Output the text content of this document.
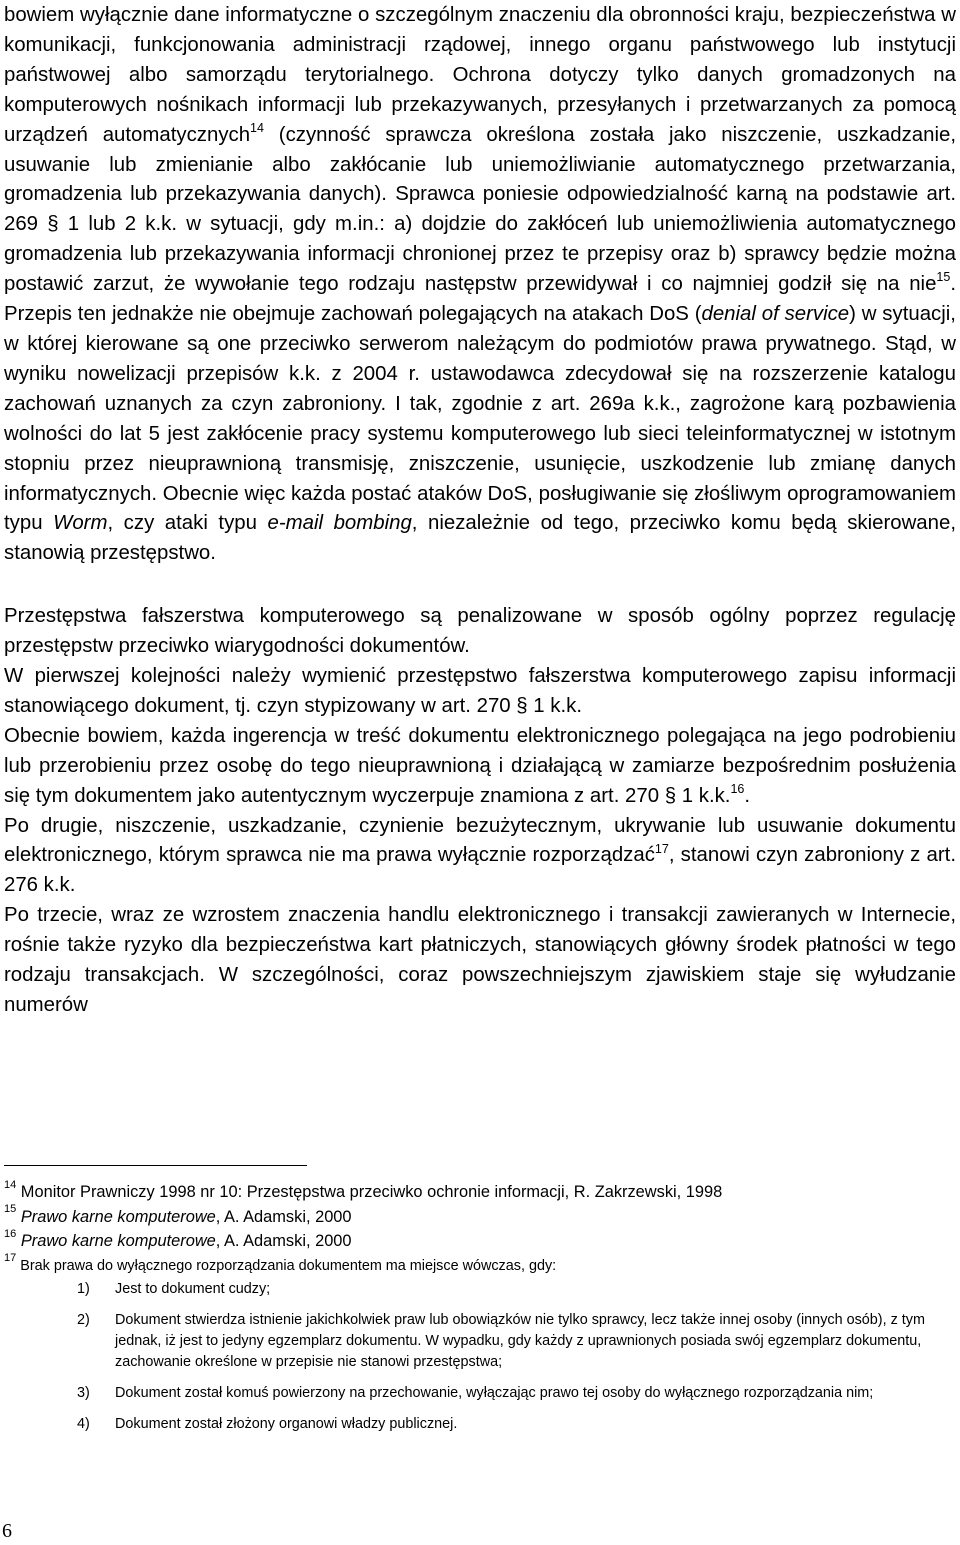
bowiem wyłącznie dane informatyczne o szczególnym znaczeniu dla obronności kraju, bezpieczeństwa w komunikacji, funkcjonowania administracji rządowej, innego organu państwowego lub instytucji państwowej albo samorządu terytorialnego. Ochrona dotyczy tylko danych gromadzonych na komputerowych nośnikach informacji lub przekazywanych, przesyłanych i przetwarzanych za pomocą urządzeń automatycznych$^{14}$ (czynność sprawcza określona została jako niszczenie, uszkadzanie, usuwanie lub zmienianie albo zakłócanie lub uniemożliwianie automatycznego przetwarzania, gromadzenia lub przekazywania danych). Sprawca poniesie odpowiedzialność karną na podstawie art. 269 § 1 lub 2 k.k. w sytuacji, gdy m.in.: a) dojdzie do zakłóceń lub uniemożliwienia automatycznego gromadzenia lub przekazywania informacji chronionej przez te przepisy oraz b) sprawcy będzie można postawić zarzut, że wywołanie tego rodzaju następstw przewidywał i co najmniej godził się na nie$^{15}$. Przepis ten jednakże nie obejmuje zachowań polegających na atakach DoS (denial of service) w sytuacji, w której kierowane są one przeciwko serwerom należącym do podmiotów prawa prywatnego. Stąd, w wyniku nowelizacji przepisów k.k. z 2004 r. ustawodawca zdecydował się na rozszerzenie katalogu zachowań uznanych za czyn zabroniony. I tak, zgodnie z art. 269a k.k., zagrożone karą pozbawienia wolności do lat 5 jest zakłócenie pracy systemu komputerowego lub sieci teleinformatycznej w istotnym stopniu przez nieuprawnioną transmisję, zniszczenie, usunięcie, uszkodzenie lub zmianę danych informatycznych. Obecnie więc każda postać ataków DoS, posługiwanie się złośliwym oprogramowaniem typu Worm, czy ataki typu e-mail bombing, niezależnie od tego, przeciwko komu będą skierowane, stanowią przestępstwo.

Przestępstwa fałszerstwa komputerowego są penalizowane w sposób ogólny poprzez regulację przestępstw przeciwko wiarygodności dokumentów.

W pierwszej kolejności należy wymienić przestępstwo fałszerstwa komputerowego zapisu informacji stanowiącego dokument, tj. czyn stypizowany w art. 270 § 1 k.k.

Obecnie bowiem, każda ingerencja w treść dokumentu elektronicznego polegająca na jego podrobieniu lub przerobieniu przez osobę do tego nieuprawnioną i działającą w zamiarze bezpośrednim posłużenia się tym dokumentem jako autentycznym wyczerpuje znamiona z art. 270 § 1 k.k.$^{16}$.

Po drugie, niszczenie, uszkadzanie, czynienie bezużytecznym, ukrywanie lub usuwanie dokumentu elektronicznego, którym sprawca nie ma prawa wyłącznie rozporządzać$^{17}$, stanowi czyn zabroniony z art. 276 k.k.

Po trzecie, wraz ze wzrostem znaczenia handlu elektronicznego i transakcji zawieranych w Internecie, rośnie także ryzyko dla bezpieczeństwa kart płatniczych, stanowiących główny środek płatności w tego rodzaju transakcjach. W szczególności, coraz powszechniejszym zjawiskiem staje się wyłudzanie numerów

$^{14}$ Monitor Prawniczy 1998 nr 10: Przestępstwa przeciwko ochronie informacji, R. Zakrzewski, 1998

$^{15}$ Prawo karne komputerowe, A. Adamski, 2000

$^{16}$ Prawo karne komputerowe, A. Adamski, 2000

$^{17}$ Brak prawa do wyłącznego rozporządzania dokumentem ma miejsce wówczas, gdy:

1) Jest to dokument cudzy;
2) Dokument stwierdza istnienie jakichkolwiek praw lub obowiązków nie tylko sprawcy, lecz także innej osoby (innych osób), z tym jednak, iż jest to jedyny egzemplarz dokumentu. W wypadku, gdy każdy z uprawnionych posiada swój egzemplarz dokumentu, zachowanie określone w przepisie nie stanowi przestępstwa;
3) Dokument został komuś powierzony na przechowanie, wyłączając prawo tej osoby do wyłącznego rozporządzania nim;
4) Dokument został złożony organowi władzy publicznej.
6
